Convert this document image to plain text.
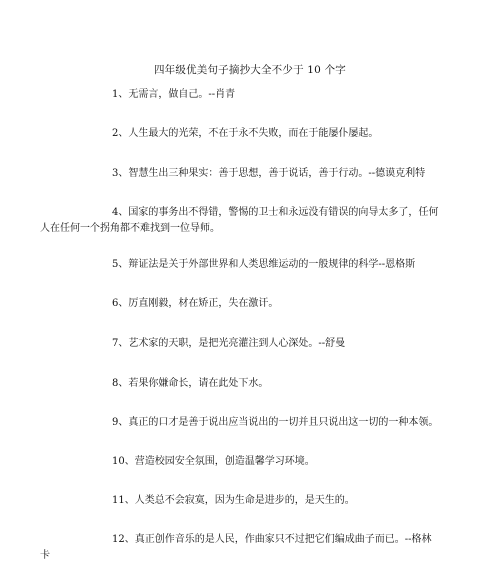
四年级优美句子摘抄大全不少于 10 个字
1、无需言，做自己。--肖青
2、人生最大的光荣，不在于永不失败，而在于能屡仆屡起。
3、智慧生出三种果实：善于思想，善于说话，善于行动。--德谟克利特
4、国家的事务出不得错，警惕的卫士和永远没有错误的向导太多了，任何人在任何一个拐角都不难找到一位导师。
5、辩证法是关于外部世界和人类思维运动的一般规律的科学--恩格斯
6、厉直刚毅，材在矫正，失在激讦。
7、艺术家的天职，是把光亮灌注到人心深处。--舒曼
8、若果你嫌命长，请在此处下水。
9、真正的口才是善于说出应当说出的一切并且只说出这一切的一种本领。
10、营造校园安全氛围，创造温馨学习环境。
11、人类总不会寂寞，因为生命是进步的，是天生的。
12、真正创作音乐的是人民，作曲家只不过把它们编成曲子而已。--格林卡
